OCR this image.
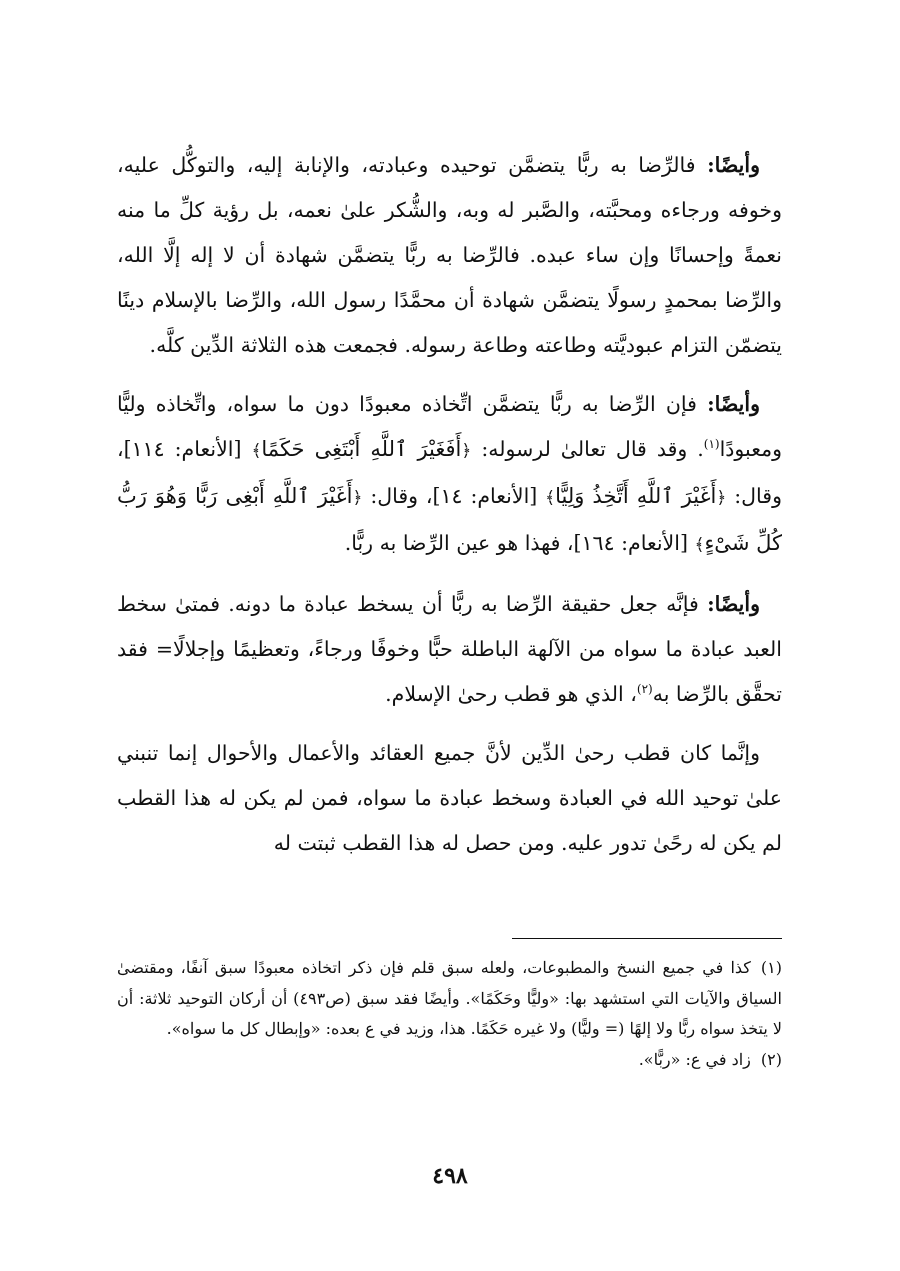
وأيضًا: فالرِّضا به ربًّا يتضمَّن توحيده وعبادته، والإنابة إليه، والتوكُّل عليه، وخوفه ورجاءه ومحبَّته، والصَّبر له وبه، والشُّكر علىٰ نعمه، بل رؤية كلِّ ما منه نعمةً وإحسانًا وإن ساء عبده. فالرِّضا به ربًّا يتضمَّن شهادة أن لا إله إلَّا الله، والرِّضا بمحمدٍ رسولًا يتضمَّن شهادة أن محمَّدًا رسول الله، والرِّضا بالإسلام دينًا يتضمّن التزام عبوديَّته وطاعته وطاعة رسوله. فجمعت هذه الثلاثة الدِّين كلَّه.

وأيضًا: فإن الرِّضا به ربًّا يتضمَّن اتِّخاذه معبودًا دون ما سواه، واتِّخاذه وليًّا ومعبودًا$^{(١)}$. وقد قال تعالىٰ لرسوله: ﴿أَفَغَيْرَ ٱللَّهِ أَبْتَغِى حَكَمًا﴾ [الأنعام: ١١٤]، وقال: ﴿أَغَيْرَ ٱللَّهِ أَتَّخِذُ وَلِيًّا﴾ [الأنعام: ١٤]، وقال: ﴿أَغَيْرَ ٱللَّهِ أَبْغِى رَبًّا وَهُوَ رَبُّ كُلِّ شَىْءٍ﴾ [الأنعام: ١٦٤]، فهذا هو عين الرِّضا به ربًّا.

وأيضًا: فإنَّه جعل حقيقة الرِّضا به ربًّا أن يسخط عبادة ما دونه. فمتىٰ سخط العبد عبادة ما سواه من الآلهة الباطلة حبًّا وخوفًا ورجاءً، وتعظيمًا وإجلالًا= فقد تحقَّق بالرِّضا به$^{(٢)}$، الذي هو قطب رحىٰ الإسلام.

وإنَّما كان قطب رحىٰ الدِّين لأنَّ جميع العقائد والأعمال والأحوال إنما تنبني علىٰ توحيد الله في العبادة وسخط عبادة ما سواه، فمن لم يكن له هذا القطب لم يكن له رحًىٰ تدور عليه. ومن حصل له هذا القطب ثبتت له

(١)كذا في جميع النسخ والمطبوعات، ولعله سبق قلم فإن ذكر اتخاذه معبودًا سبق آنفًا، ومقتضىٰ السياق والآيات التي استشهد بها: «وليًّا وحَكَمًا». وأيضًا فقد سبق (ص٤٩٣) أن أركان التوحيد ثلاثة: أن لا يتخذ سواه ربًّا ولا إلهًا (= وليًّا) ولا غيره حَكَمًا. هذا، وزيد في ع بعده: «وإبطال كل ما سواه».

(٢)زاد في ع: «ربًّا».

٤٩٨
